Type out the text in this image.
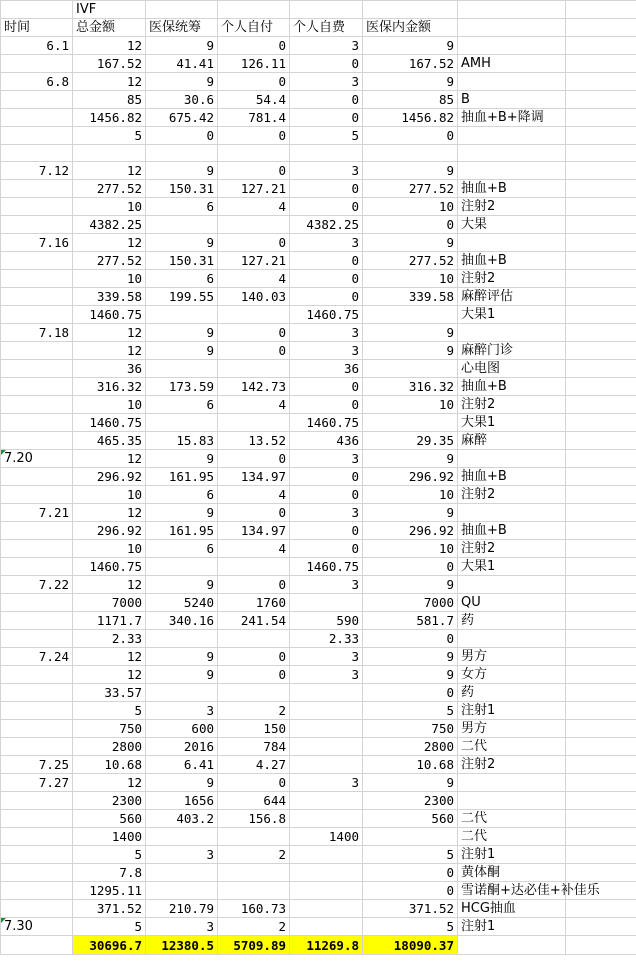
	IVF						
时间	总金额	医保统筹	个人自付	个人自费	医保内金额		
6.1	12	9	0	3	9		
	167.52	41.41	126.11	0	167.52	AMH	
6.8	12	9	0	3	9		
	85	30.6	54.4	0	85	B	
	1456.82	675.42	781.4	0	1456.82	抽血+B+降调	
	5	0	0	5	0		

7.12	12	9	0	3	9		
	277.52	150.31	127.21	0	277.52	抽血+B	
	10	6	4	0	10	注射2	
	4382.25			4382.25	0	大果	
7.16	12	9	0	3	9		
	277.52	150.31	127.21	0	277.52	抽血+B	
	10	6	4	0	10	注射2	
	339.58	199.55	140.03	0	339.58	麻醉评估	
	1460.75			1460.75		大果1	
7.18	12	9	0	3	9		
	12	9	0	3	9	麻醉门诊	
	36			36		心电图	
	316.32	173.59	142.73	0	316.32	抽血+B	
	10	6	4	0	10	注射2	
	1460.75			1460.75		大果1	
	465.35	15.83	13.52	436	29.35	麻醉	
7.20	12	9	0	3	9		
	296.92	161.95	134.97	0	296.92	抽血+B	
	10	6	4	0	10	注射2	
7.21	12	9	0	3	9		
	296.92	161.95	134.97	0	296.92	抽血+B	
	10	6	4	0	10	注射2	
	1460.75			1460.75	0	大果1	
7.22	12	9	0	3	9		
	7000	5240	1760		7000	QU	
	1171.7	340.16	241.54	590	581.7	药	
	2.33			2.33	0		
7.24	12	9	0	3	9	男方	
	12	9	0	3	9	女方	
	33.57				0	药	
	5	3	2		5	注射1	
	750	600	150		750	男方	
	2800	2016	784		2800	二代	
7.25	10.68	6.41	4.27		10.68	注射2	
7.27	12	9	0	3	9		
	2300	1656	644		2300		
	560	403.2	156.8		560	二代	
	1400			1400		二代	
	5	3	2		5	注射1	
	7.8				0	黄体酮	
	1295.11				0	雪诺酮+达必佳+补佳乐	
	371.52	210.79	160.73		371.52	HCG抽血	
7.30	5	3	2		5	注射1	
	30696.7	12380.5	5709.89	11269.8	18090.37		
